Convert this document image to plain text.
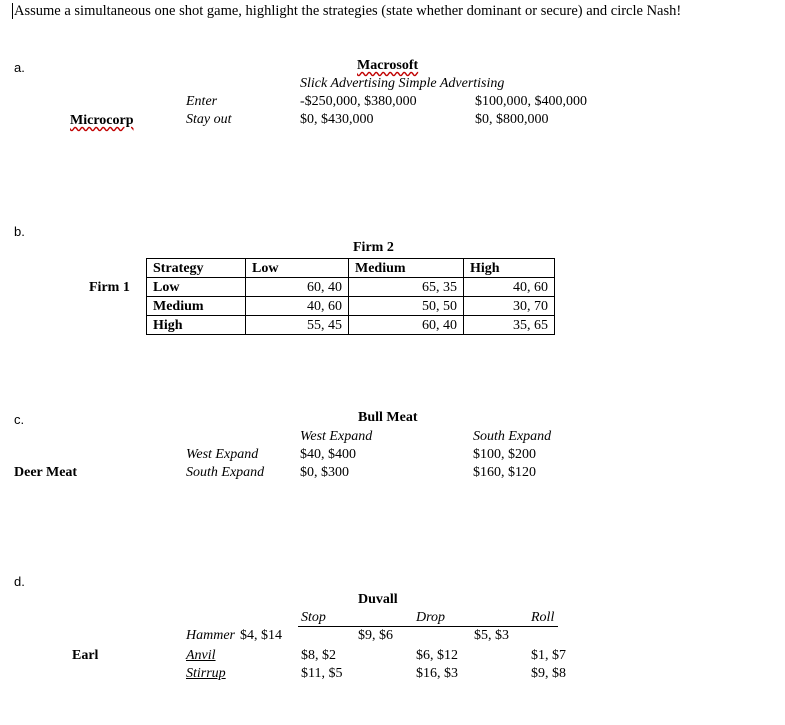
Assume a simultaneous one shot game, highlight the strategies (state whether dominant or secure) and circle Nash!
a.	Macrosoft
Slick Advertising Simple Advertising
Enter	-$250,000, $380,000	$100,000, $400,000
Microcorp	Stay out	$0, $430,000	$0, $800,000
b.
Firm 2
Firm 1
Strategy	Low	Medium	High
Low	60, 40	65, 35	40, 60
Medium	40, 60	50, 50	30, 70
High	55, 45	60, 40	35, 65
c.	Bull Meat
West Expand	South Expand
West Expand	$40, $400	$100, $200
Deer Meat	South Expand	$0, $300	$160, $120
d.
Duvall
Stop	Drop	Roll
Hammer $4, $14	$9, $6	$5, $3
Earl	Anvil	$8, $2	$6, $12	$1, $7
Stirrup	$11, $5	$16, $3	$9, $8
